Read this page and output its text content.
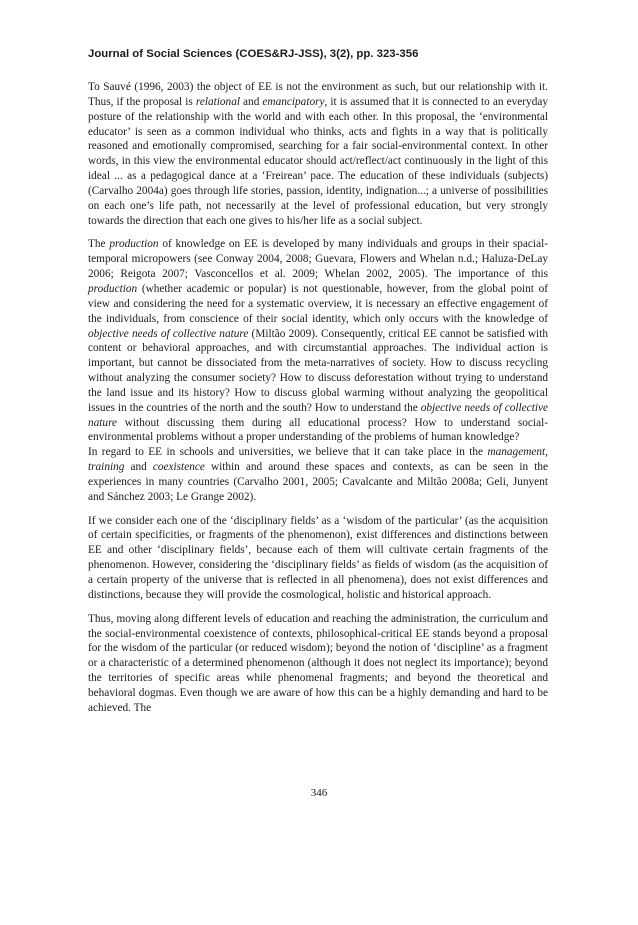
Journal of Social Sciences (COES&RJ-JSS), 3(2), pp. 323-356

To Sauvé (1996, 2003) the object of EE is not the environment as such, but our relationship with it. Thus, if the proposal is relational and emancipatory, it is assumed that it is connected to an everyday posture of the relationship with the world and with each other. In this proposal, the ‘environmental educator’ is seen as a common individual who thinks, acts and fights in a way that is politically reasoned and emotionally compromised, searching for a fair social-environmental context. In other words, in this view the environmental educator should act/reflect/act continuously in the light of this ideal ... as a pedagogical dance at a ‘Freirean’ pace. The education of these individuals (subjects) (Carvalho 2004a) goes through life stories, passion, identity, indignation...; a universe of possibilities on each one’s life path, not necessarily at the level of professional education, but very strongly towards the direction that each one gives to his/her life as a social subject.

The production of knowledge on EE is developed by many individuals and groups in their spacial-temporal micropowers (see Conway 2004, 2008; Guevara, Flowers and Whelan n.d.; Haluza-DeLay 2006; Reigota 2007; Vasconcellos et al. 2009; Whelan 2002, 2005). The importance of this production (whether academic or popular) is not questionable, however, from the global point of view and considering the need for a systematic overview, it is necessary an effective engagement of the individuals, from conscience of their social identity, which only occurs with the knowledge of objective needs of collective nature (Miltão 2009). Consequently, critical EE cannot be satisfied with content or behavioral approaches, and with circumstantial approaches. The individual action is important, but cannot be dissociated from the meta-narratives of society. How to discuss recycling without analyzing the consumer society? How to discuss deforestation without trying to understand the land issue and its history? How to discuss global warming without analyzing the geopolitical issues in the countries of the north and the south? How to understand the objective needs of collective nature without discussing them during all educational process? How to understand social-environmental problems without a proper understanding of the problems of human knowledge?

In regard to EE in schools and universities, we believe that it can take place in the management, training and coexistence within and around these spaces and contexts, as can be seen in the experiences in many countries (Carvalho 2001, 2005; Cavalcante and Miltão 2008a; Geli, Junyent and Sánchez 2003; Le Grange 2002).

If we consider each one of the ‘disciplinary fields’ as a ‘wisdom of the particular’ (as the acquisition of certain specificities, or fragments of the phenomenon), exist differences and distinctions between EE and other ‘disciplinary fields’, because each of them will cultivate certain fragments of the phenomenon. However, considering the ‘disciplinary fields’ as fields of wisdom (as the acquisition of a certain property of the universe that is reflected in all phenomena), does not exist differences and distinctions, because they will provide the cosmological, holistic and historical approach.

Thus, moving along different levels of education and reaching the administration, the curriculum and the social-environmental coexistence of contexts, philosophical-critical EE stands beyond a proposal for the wisdom of the particular (or reduced wisdom); beyond the notion of ‘discipline’ as a fragment or a characteristic of a determined phenomenon (although it does not neglect its importance); beyond the territories of specific areas while phenomenal fragments; and beyond the theoretical and behavioral dogmas. Even though we are aware of how this can be a highly demanding and hard to be achieved. The

346
